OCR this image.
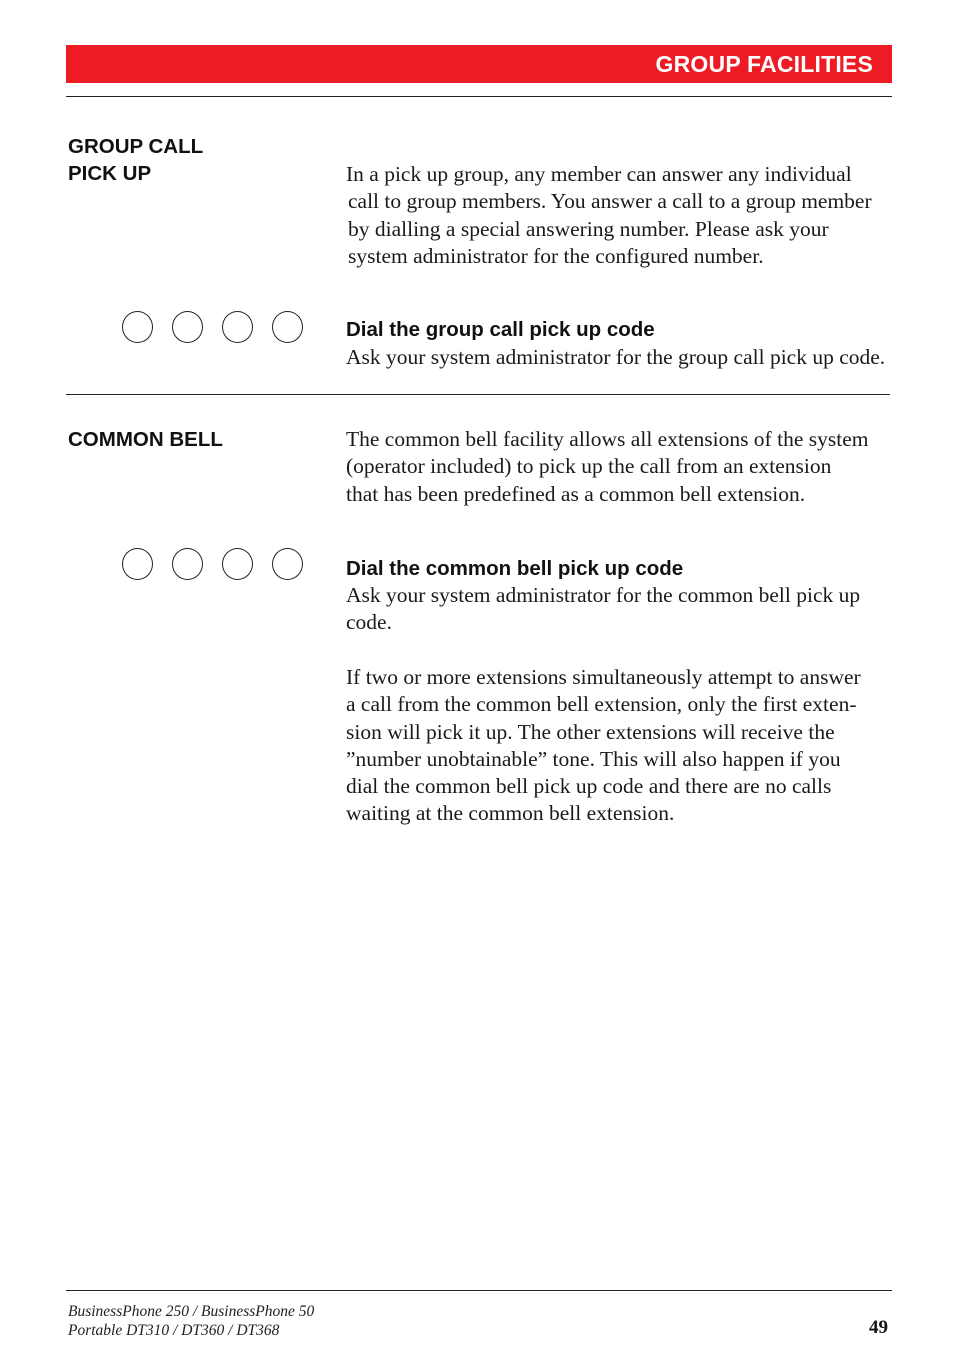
GROUP FACILITIES
GROUP CALL
PICK UP	In a pick up group, any member can answer any individual
call to group members. You answer a call to a group member
by dialling a special answering number. Please ask your
system administrator for the configured number.
Dial the group call pick up code
Ask your system administrator for the group call pick up code.
COMMON BELL	The common bell facility allows all extensions of the system
(operator included) to pick up the call from an extension
that has been predefined as a common bell extension.
Dial the common bell pick up code
Ask your system administrator for the common bell pick up
code.
If two or more extensions simultaneously attempt to answer
a call from the common bell extension, only the first exten-
sion will pick it up. The other extensions will receive the
”number unobtainable” tone. This will also happen if you
dial the common bell pick up code and there are no calls
waiting at the common bell extension.
BusinessPhone 250 / BusinessPhone 50
Portable DT310 / DT360 / DT368	49
